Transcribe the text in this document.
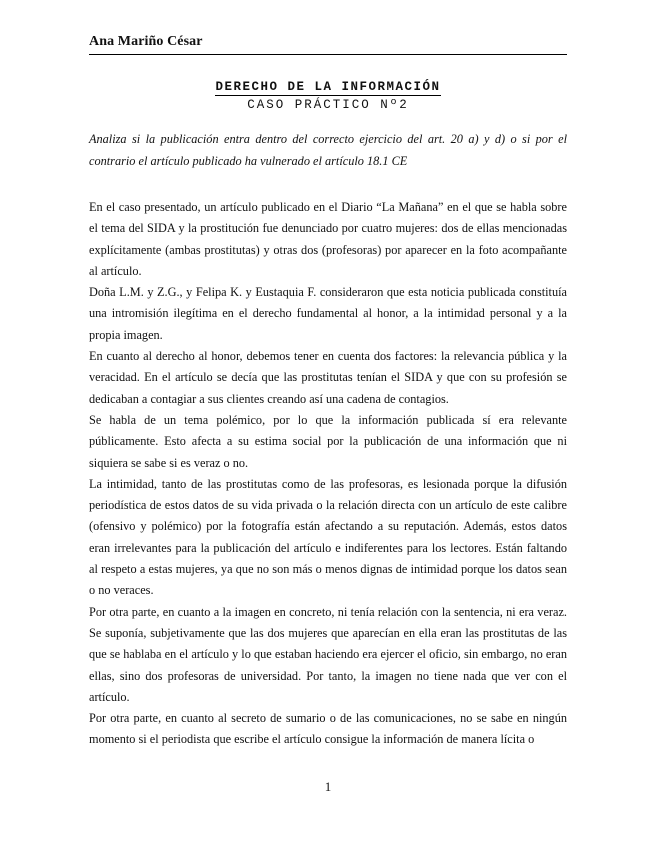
Ana Mariño César
DERECHO DE LA INFORMACIÓN
CASO PRÁCTICO Nº2
Analiza si la publicación entra dentro del correcto ejercicio del art. 20 a) y d) o si por el contrario el artículo publicado ha vulnerado el artículo 18.1 CE

En el caso presentado, un artículo publicado en el Diario “La Mañana” en el que se habla sobre el tema del SIDA y la prostitución fue denunciado por cuatro mujeres: dos de ellas mencionadas explícitamente (ambas prostitutas) y otras dos (profesoras) por aparecer en la foto acompañante al artículo.

Doña L.M. y Z.G., y Felipa K. y Eustaquia F. consideraron que esta noticia publicada constituía una intromisión ilegítima en el derecho fundamental al honor, a la intimidad personal y a la propia imagen.

En cuanto al derecho al honor, debemos tener en cuenta dos factores: la relevancia pública y la veracidad. En el artículo se decía que las prostitutas tenían el SIDA y que con su profesión se dedicaban a contagiar a sus clientes creando así una cadena de contagios.

Se habla de un tema polémico, por lo que la información publicada sí era relevante públicamente. Esto afecta a su estima social por la publicación de una información que ni siquiera se sabe si es veraz o no.

La intimidad, tanto de las prostitutas como de las profesoras, es lesionada porque la difusión periodística de estos datos de su vida privada o la relación directa con un artículo de este calibre (ofensivo y polémico) por la fotografía están afectando a su reputación. Además, estos datos eran irrelevantes para la publicación del artículo e indiferentes para los lectores. Están faltando al respeto a estas mujeres, ya que no son más o menos dignas de intimidad porque los datos sean o no veraces.

Por otra parte, en cuanto a la imagen en concreto, ni tenía relación con la sentencia, ni era veraz. Se suponía, subjetivamente que las dos mujeres que aparecían en ella eran las prostitutas de las que se hablaba en el artículo y lo que estaban haciendo era ejercer el oficio, sin embargo, no eran ellas, sino dos profesoras de universidad. Por tanto, la imagen no tiene nada que ver con el artículo.

Por otra parte, en cuanto al secreto de sumario o de las comunicaciones, no se sabe en ningún momento si el periodista que escribe el artículo consigue la información de manera lícita o

1
